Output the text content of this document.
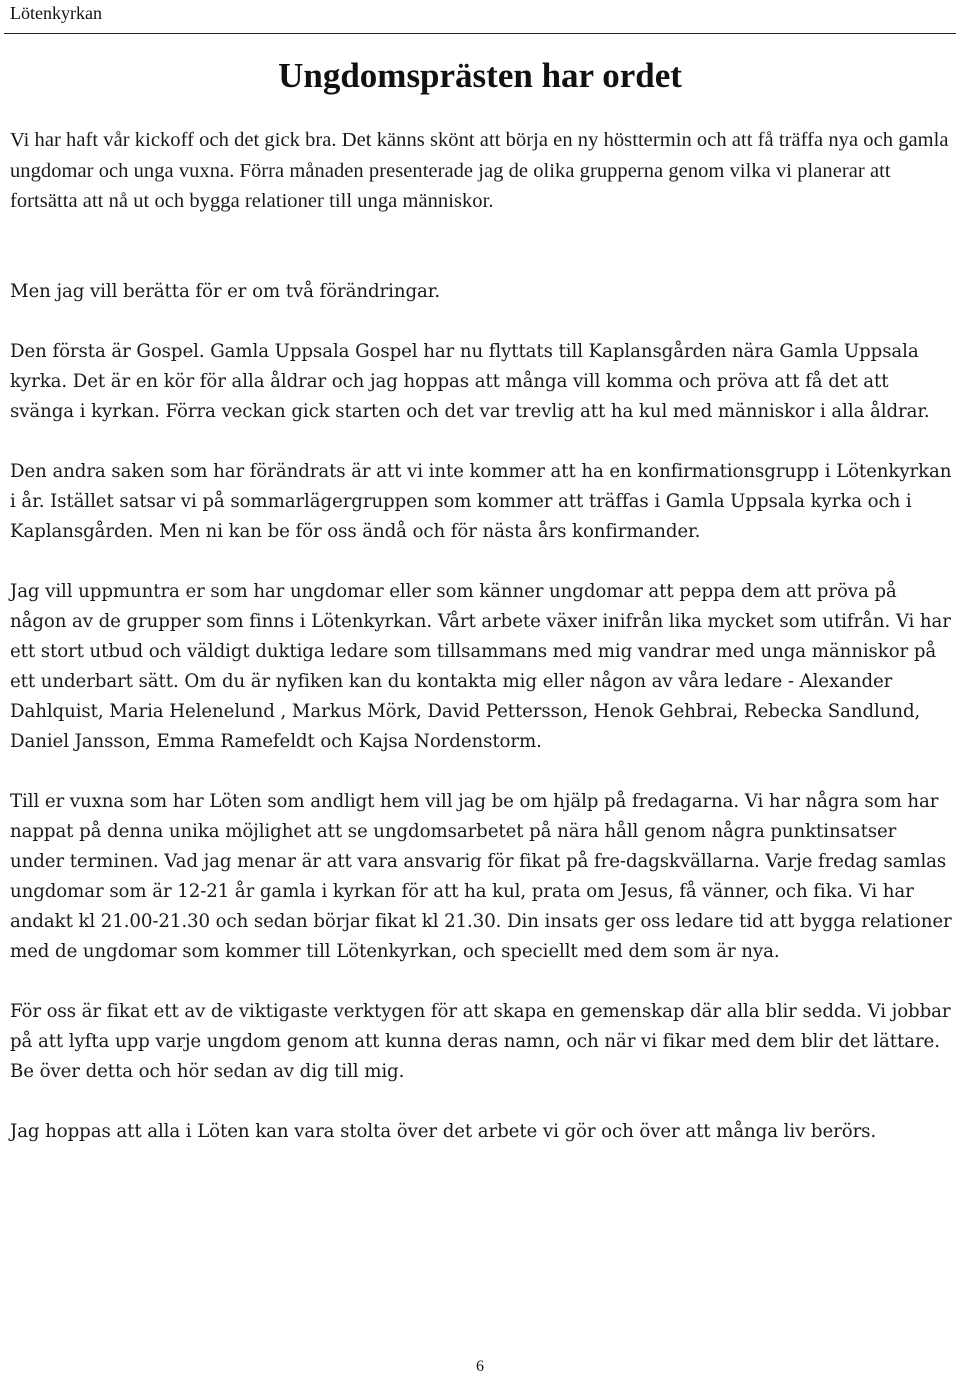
Lötenkyrkan
Ungdomsprästen har ordet

Vi har haft vår kickoff och det gick bra. Det känns skönt att börja en ny hösttermin och att få träffa nya och gamla ungdomar och unga vuxna. Förra månaden presenterade jag de olika grupperna genom vilka vi planerar att fortsätta att nå ut och bygga relationer till unga människor.

Men jag vill berätta för er om två förändringar.

Den första är Gospel. Gamla Uppsala Gospel har nu flyttats till Kaplansgården nära Gamla Uppsala kyrka. Det är en kör för alla åldrar och jag hoppas att många vill komma och pröva att få det att svänga i kyrkan. Förra veckan gick starten och det var trevlig att ha kul med människor i alla åldrar.

Den andra saken som har förändrats är att vi inte kommer att ha en konfirmationsgrupp i Lötenkyrkan i år. Istället satsar vi på sommarlägergruppen som kommer att träffas i Gamla Uppsala kyrka och i Kaplansgården. Men ni kan be för oss ändå och för nästa års konfirmander.

Jag vill uppmuntra er som har ungdomar eller som känner ungdomar att peppa dem att pröva på någon av de grupper som finns i Lötenkyrkan. Vårt arbete växer inifrån lika mycket som utifrån. Vi har ett stort utbud och väldigt duktiga ledare som tillsammans med mig vandrar med unga människor på ett underbart sätt. Om du är nyfiken kan du kontakta mig eller någon av våra ledare - Alexander Dahlquist, Maria Helenelund , Markus Mörk, David Pettersson, Henok Gehbrai, Rebecka Sandlund, Daniel Jansson, Emma Ramefeldt och Kajsa Nordenstorm.

Till er vuxna som har Löten som andligt hem vill jag be om hjälp på fredagarna. Vi har några som har nappat på denna unika möjlighet att se ungdomsarbetet på nära håll genom några punktinsatser under terminen. Vad jag menar är att vara ansvarig för fikat på fre-dagskvällarna. Varje fredag samlas ungdomar som är 12-21 år gamla i kyrkan för att ha kul, prata om Jesus, få vänner, och fika. Vi har andakt kl 21.00-21.30 och sedan börjar fikat kl 21.30. Din insats ger oss ledare tid att bygga relationer med de ungdomar som kommer till Lötenkyrkan, och speciellt med dem som är nya.

För oss är fikat ett av de viktigaste verktygen för att skapa en gemenskap där alla blir sedda. Vi jobbar på att lyfta upp varje ungdom genom att kunna deras namn, och när vi fikar med dem blir det lättare. Be över detta och hör sedan av dig till mig.

Jag hoppas att alla i Löten kan vara stolta över det arbete vi gör och över att många liv berörs.

6
